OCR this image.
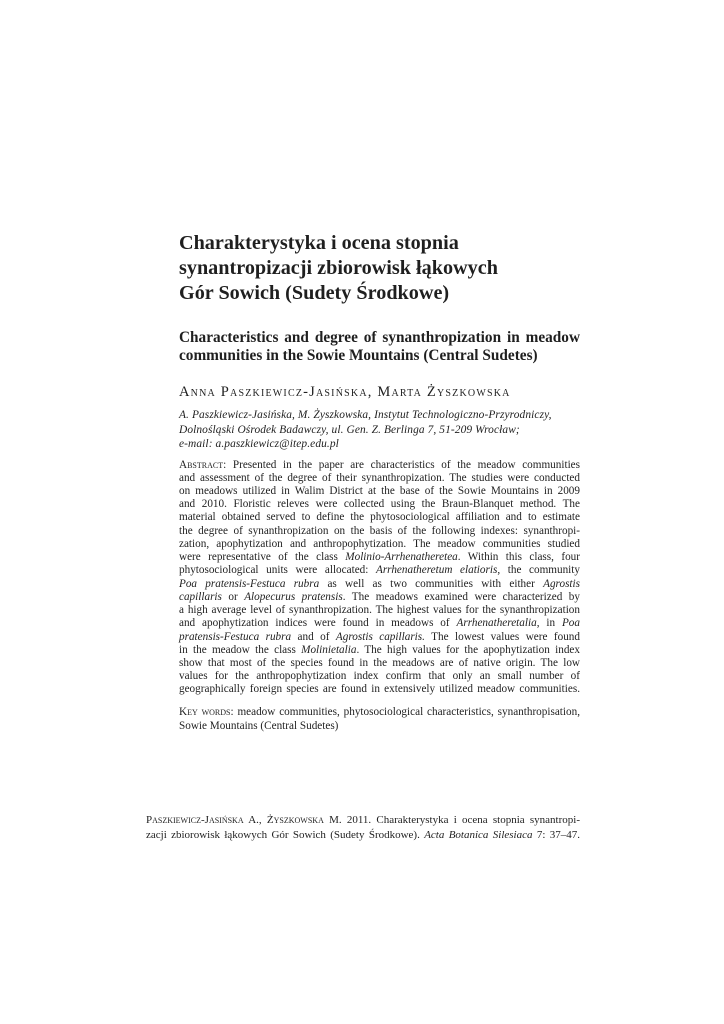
Charakterystyka i ocena stopnia
synantropizacji zbiorowisk łąkowych
Gór Sowich (Sudety Środkowe)
Characteristics and degree of synanthropization in meadow
communities in the Sowie Mountains (Central Sudetes)
Anna Paszkiewicz-Jasińska, Marta Żyszkowska
A. Paszkiewicz-Jasińska, M. Żyszkowska, Instytut Technologiczno-Przyrodniczy,
Dolnośląski Ośrodek Badawczy, ul. Gen. Z. Berlinga 7, 51-209 Wrocław;
e-mail: a.paszkiewicz@itep.edu.pl
Abstract: Presented in the paper are characteristics of the meadow communities
and assessment of the degree of their synanthropization. The studies were conducted
on meadows utilized in Walim District at the base of the Sowie Mountains in 2009
and 2010. Floristic releves were collected using the Braun-Blanquet method. The
material obtained served to define the phytosociological affiliation and to estimate
the degree of synanthropization on the basis of the following indexes: synanthropi-
zation, apophytization and anthropophytization. The meadow communities studied
were representative of the class Molinio-Arrhenatheretea. Within this class, four
phytosociological units were allocated: Arrhenatheretum elatioris, the community
Poa pratensis-Festuca rubra as well as two communities with either Agrostis
capillaris or Alopecurus pratensis. The meadows examined were characterized by
a high average level of synanthropization. The highest values for the synanthropization
and apophytization indices were found in meadows of Arrhenatheretalia, in Poa
pratensis-Festuca rubra and of Agrostis capillaris. The lowest values were found
in the meadow the class Molinietalia. The high values for the apophytization index
show that most of the species found in the meadows are of native origin. The low
values for the anthropophytization index confirm that only an small number of
geographically foreign species are found in extensively utilized meadow communities.
Key words: meadow communities, phytosociological characteristics, synanthropisation,
Sowie Mountains (Central Sudetes)
Paszkiewicz-Jasińska A., Żyszkowska M. 2011. Charakterystyka i ocena stopnia synantropi-
zacji zbiorowisk łąkowych Gór Sowich (Sudety Środkowe). Acta Botanica Silesiaca 7: 37–47.
